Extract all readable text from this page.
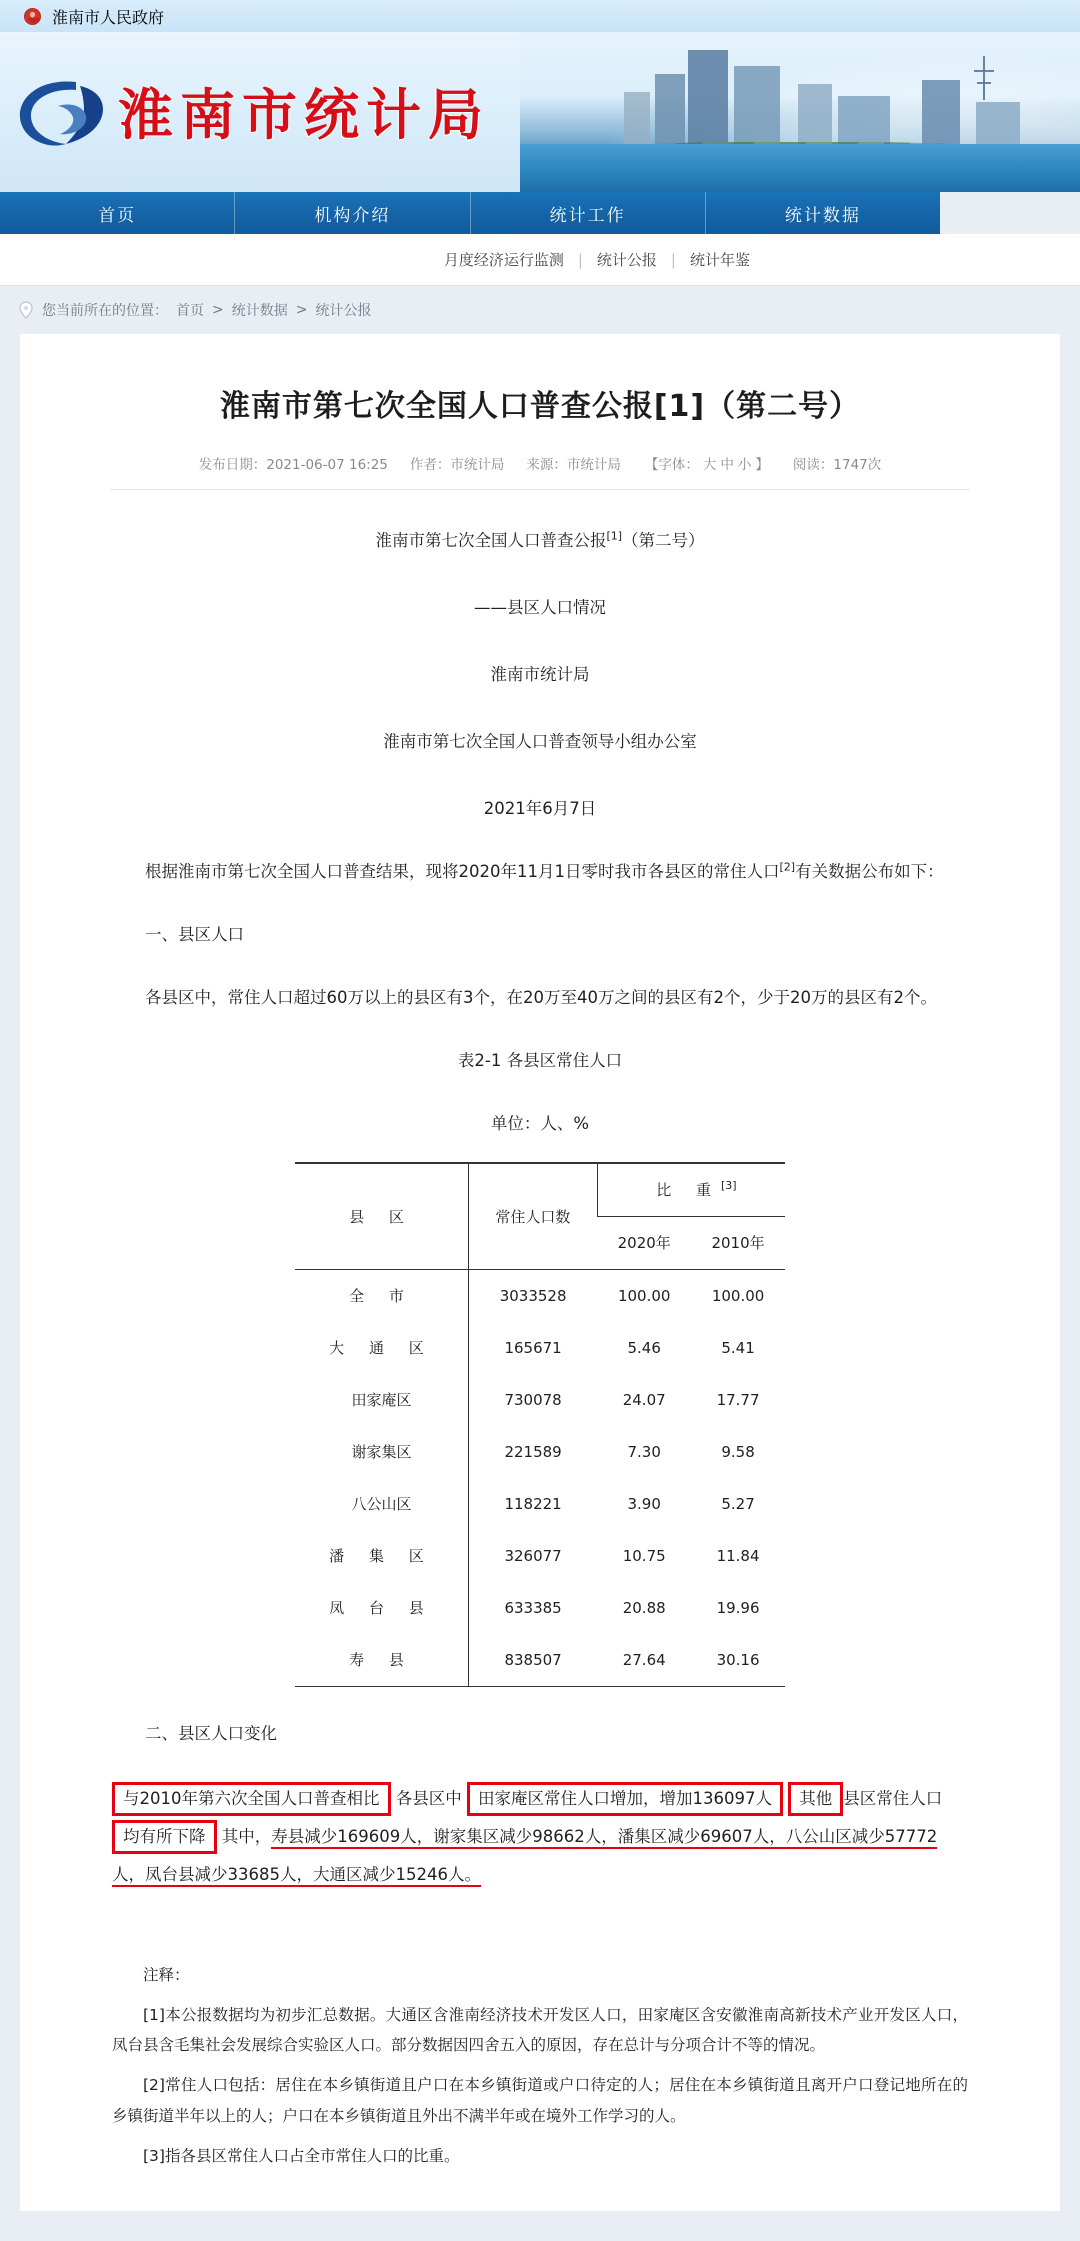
淮南市人民政府
淮南市统计局
首页	机构介绍	统计工作	统计数据
月度经济运行监测 | 统计公报 | 统计年鉴
您当前所在的位置： 首页 > 统计数据 > 统计公报
淮南市第七次全国人口普查公报[1]（第二号）
发布日期：2021-06-07 16:25 作者：市统计局 来源：市统计局 【字体： 大 中 小 】 阅读：1747次
淮南市第七次全国人口普查公报[1]（第二号）
——县区人口情况
淮南市统计局
淮南市第七次全国人口普查领导小组办公室
2021年6月7日

根据淮南市第七次全国人口普查结果，现将2020年11月1日零时我市各县区的常住人口[2]有关数据公布如下：

一、县区人口

各县区中，常住人口超过60万以上的县区有3个，在20万至40万之间的县区有2个，少于20万的县区有2个。

表2-1 各县区常住人口
单位：人、%
县 区	常住人口数	比 重[3]
		2020年	2010年
全 市	3033528	100.00	100.00
大 通 区	165671	5.46	5.41
田家庵区	730078	24.07	17.77
谢家集区	221589	7.30	9.58
八公山区	118221	3.90	5.27
潘 集 区	326077	10.75	11.84
凤 台 县	633385	20.88	19.96
寿 县	838507	27.64	30.16

二、县区人口变化

与2010年第六次全国人口普查相比 各县区中 田家庵区常住人口增加，增加136097人 其他 县区常住人口均有所下降 其中，寿县减少169609人，谢家集区减少98662人，潘集区减少69607人，八公山区减少57772人，凤台县减少33685人，大通区减少15246人。

注释：

[1]本公报数据均为初步汇总数据。大通区含淮南经济技术开发区人口，田家庵区含安徽淮南高新技术产业开发区人口，凤台县含毛集社会发展综合实验区人口。部分数据因四舍五入的原因，存在总计与分项合计不等的情况。

[2]常住人口包括：居住在本乡镇街道且户口在本乡镇街道或户口待定的人；居住在本乡镇街道且离开户口登记地所在的乡镇街道半年以上的人；户口在本乡镇街道且外出不满半年或在境外工作学习的人。

[3]指各县区常住人口占全市常住人口的比重。
